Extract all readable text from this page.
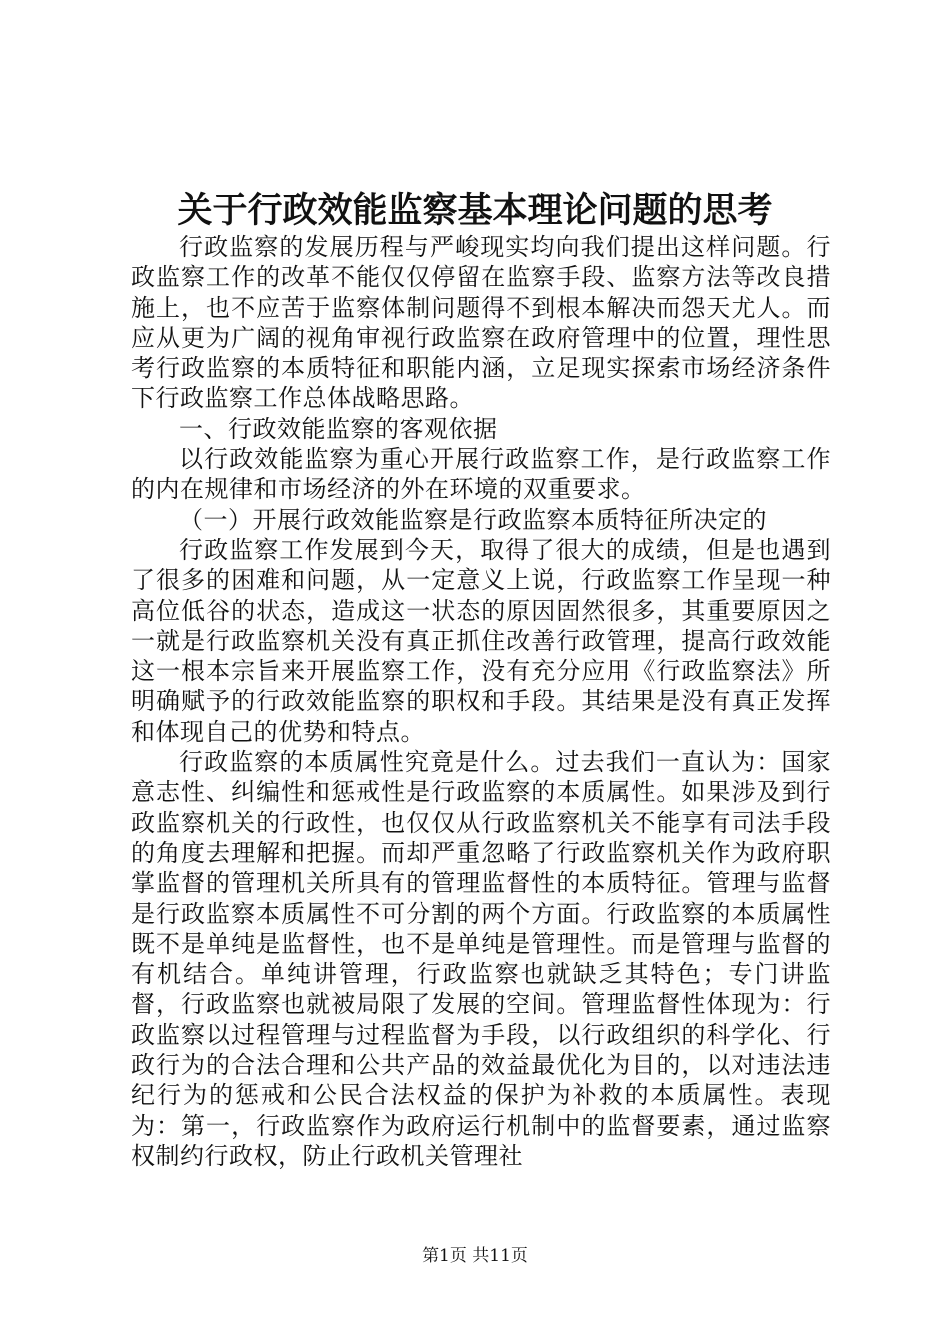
关于行政效能监察基本理论问题的思考

行政监察的发展历程与严峻现实均向我们提出这样问题。行政监察工作的改革不能仅仅停留在监察手段、监察方法等改良措施上，也不应苦于监察体制问题得不到根本解决而怨天尤人。而应从更为广阔的视角审视行政监察在政府管理中的位置，理性思考行政监察的本质特征和职能内涵，立足现实探索市场经济条件下行政监察工作总体战略思路。

一、行政效能监察的客观依据

以行政效能监察为重心开展行政监察工作，是行政监察工作的内在规律和市场经济的外在环境的双重要求。

（一）开展行政效能监察是行政监察本质特征所决定的

行政监察工作发展到今天，取得了很大的成绩，但是也遇到了很多的困难和问题，从一定意义上说，行政监察工作呈现一种高位低谷的状态，造成这一状态的原因固然很多，其重要原因之一就是行政监察机关没有真正抓住改善行政管理，提高行政效能这一根本宗旨来开展监察工作，没有充分应用《行政监察法》所明确赋予的行政效能监察的职权和手段。其结果是没有真正发挥和体现自己的优势和特点。

行政监察的本质属性究竟是什么。过去我们一直认为：国家意志性、纠编性和惩戒性是行政监察的本质属性。如果涉及到行政监察机关的行政性，也仅仅从行政监察机关不能享有司法手段的角度去理解和把握。而却严重忽略了行政监察机关作为政府职掌监督的管理机关所具有的管理监督性的本质特征。管理与监督是行政监察本质属性不可分割的两个方面。行政监察的本质属性既不是单纯是监督性，也不是单纯是管理性。而是管理与监督的有机结合。单纯讲管理，行政监察也就缺乏其特色；专门讲监督，行政监察也就被局限了发展的空间。管理监督性体现为：行政监察以过程管理与过程监督为手段，以行政组织的科学化、行政行为的合法合理和公共产品的效益最优化为目的，以对违法违纪行为的惩戒和公民合法权益的保护为补救的本质属性。表现为：第一，行政监察作为政府运行机制中的监督要素，通过监察权制约行政权，防止行政机关管理社

第1页 共11页
